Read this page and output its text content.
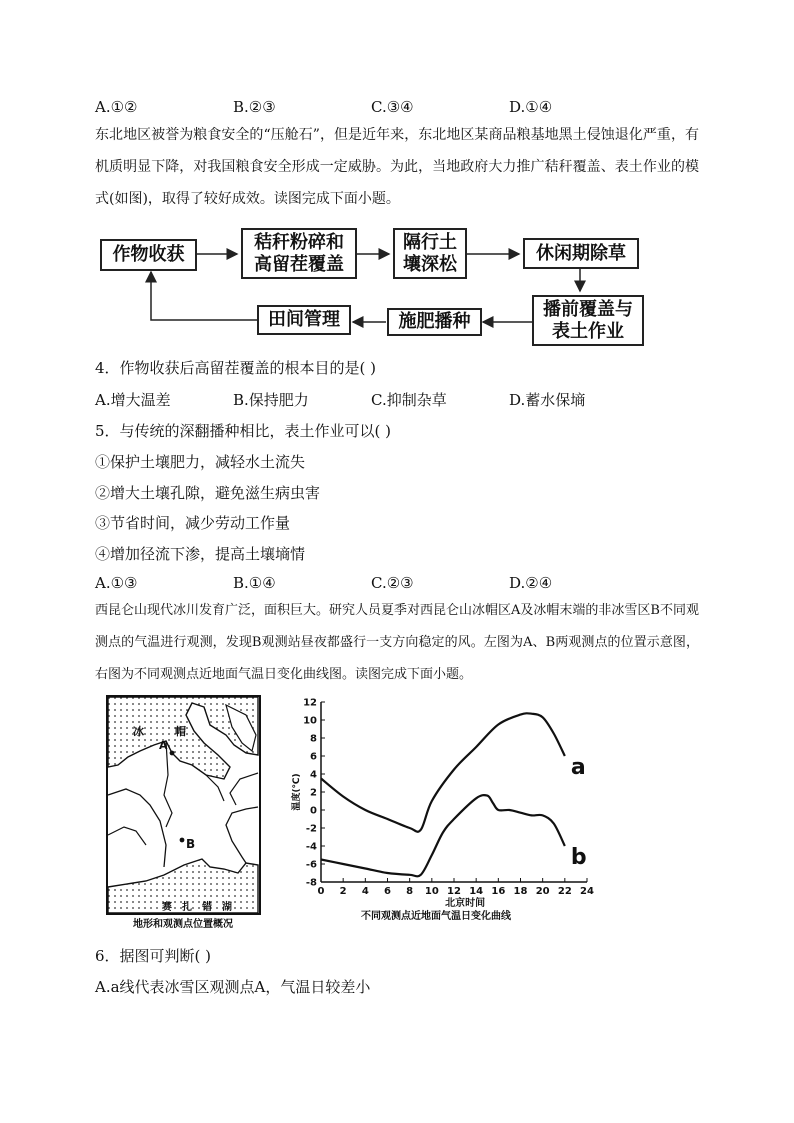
A.①②	B.②③	C.③④	D.①④
东北地区被誉为粮食安全的“压舱石”，但是近年来，东北地区某商品粮基地黑土侵蚀退化严重，有机质明显下降，对我国粮食安全形成一定威胁。为此，当地政府大力推广秸秆覆盖、表土作业的模式(如图)，取得了较好成效。读图完成下面小题。
作物收获
秸秆粉碎和
高留茬覆盖
隔行土
壤深松
休闲期除草
播前覆盖与
表土作业
施肥播种
田间管理
4．作物收获后高留茬覆盖的根本目的是( )
A.增大温差	B.保持肥力	C.抑制杂草	D.蓄水保墒
5．与传统的深翻播种相比，表土作业可以( )
①保护土壤肥力，减轻水土流失
②增大土壤孔隙，避免滋生病虫害
③节省时间，减少劳动工作量
④增加径流下渗，提高土壤墒情
A.①③	B.①④	C.②③	D.②④
西昆仑山现代冰川发育广泛，面积巨大。研究人员夏季对西昆仑山冰帽区A及冰帽末端的非冰雪区B不同观测点的气温进行观测，发现B观测站昼夜都盛行一支方向稳定的风。左图为A、B两观测点的位置示意图，右图为不同观测点近地面气温日变化曲线图。读图完成下面小题。
冰	帽
A
B
赛 扎 错 湖
地形和观测点位置概况
-8
-6
-4
-2
0
2
4
6
8
10
12
0 2 4 6 8 10 12 14 16 18 20 22 24
北京时间
温度(℃)
不同观测点近地面气温日变化曲线
a
b
6．据图可判断( )
A.a线代表冰雪区观测点A，气温日较差小
